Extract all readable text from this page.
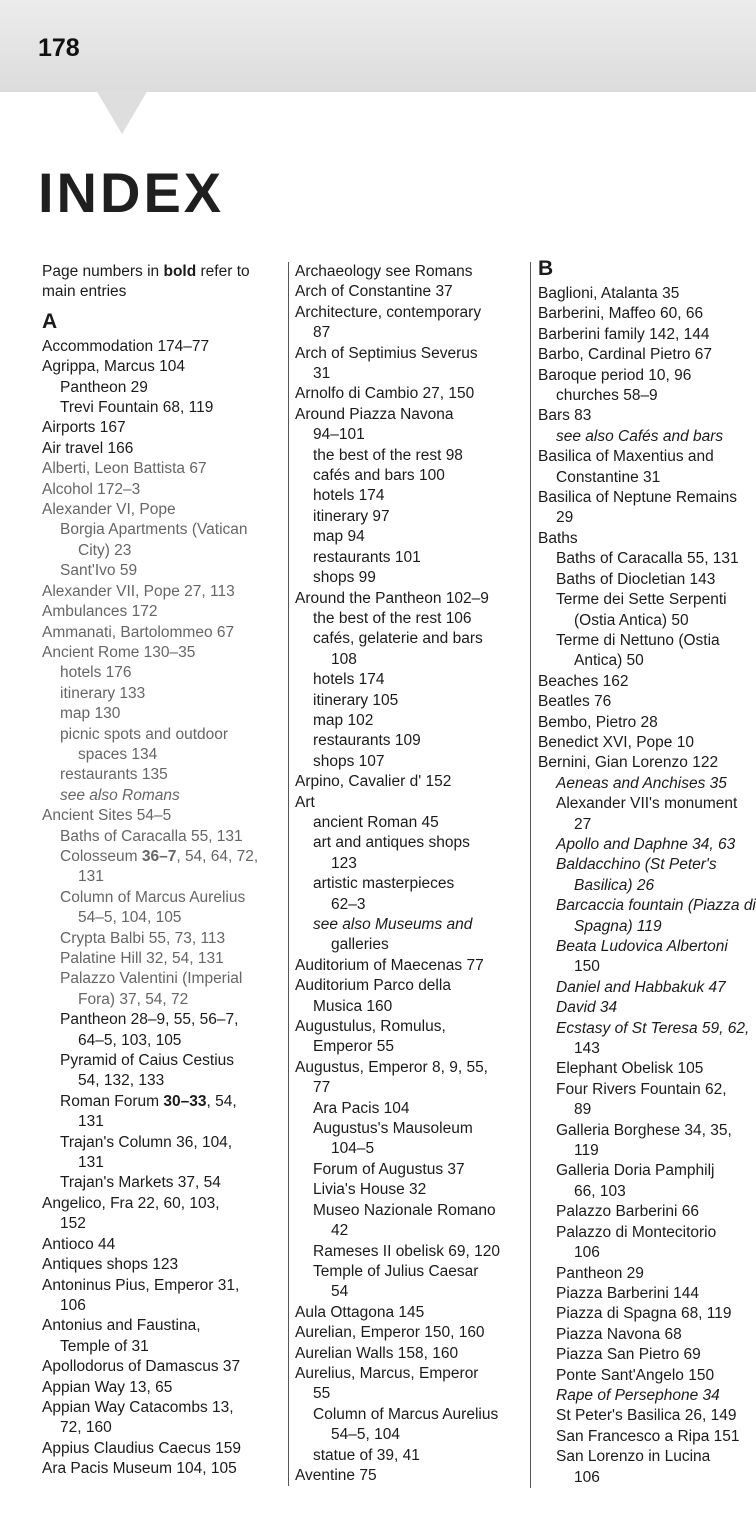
178
INDEX
Page numbers in bold refer to main entries
A
Accommodation 174–77
Agrippa, Marcus 104
Pantheon 29
Trevi Fountain 68, 119
Airports 167
Air travel 166
Alberti, Leon Battista 67
Alcohol 172–3
Alexander VI, Pope
Borgia Apartments (Vatican
City) 23
Sant'Ivo 59
Alexander VII, Pope 27, 113
Ambulances 172
Ammanati, Bartolommeo 67
Ancient Rome 130–35
hotels 176
itinerary 133
map 130
picnic spots and outdoor
spaces 134
restaurants 135
see also Romans
Ancient Sites 54–5
Baths of Caracalla 55, 131
Colosseum 36–7, 54, 64, 72,
131
Column of Marcus Aurelius
54–5, 104, 105
Crypta Balbi 55, 73, 113
Palatine Hill 32, 54, 131
Palazzo Valentini (Imperial
Fora) 37, 54, 72
Pantheon 28–9, 55, 56–7,
64–5, 103, 105
Pyramid of Caius Cestius
54, 132, 133
Roman Forum 30–33, 54,
131
Trajan's Column 36, 104,
131
Trajan's Markets 37, 54
Angelico, Fra 22, 60, 103,
152
Antioco 44
Antiques shops 123
Antoninus Pius, Emperor 31,
106
Antonius and Faustina,
Temple of 31
Apollodorus of Damascus 37
Appian Way 13, 65
Appian Way Catacombs 13,
72, 160
Appius Claudius Caecus 159
Ara Pacis Museum 104, 105
Archaeology see Romans
Arch of Constantine 37
Architecture, contemporary
87
Arch of Septimius Severus
31
Arnolfo di Cambio 27, 150
Around Piazza Navona
94–101
the best of the rest 98
cafés and bars 100
hotels 174
itinerary 97
map 94
restaurants 101
shops 99
Around the Pantheon 102–9
the best of the rest 106
cafés, gelaterie and bars
108
hotels 174
itinerary 105
map 102
restaurants 109
shops 107
Arpino, Cavalier d' 152
Art
ancient Roman 45
art and antiques shops
123
artistic masterpieces
62–3
see also Museums and
galleries
Auditorium of Maecenas 77
Auditorium Parco della
Musica 160
Augustulus, Romulus,
Emperor 55
Augustus, Emperor 8, 9, 55,
77
Ara Pacis 104
Augustus's Mausoleum
104–5
Forum of Augustus 37
Livia's House 32
Museo Nazionale Romano
42
Rameses II obelisk 69, 120
Temple of Julius Caesar
54
Aula Ottagona 145
Aurelian, Emperor 150, 160
Aurelian Walls 158, 160
Aurelius, Marcus, Emperor
55
Column of Marcus Aurelius
54–5, 104
statue of 39, 41
Aventine 75
B
Baglioni, Atalanta 35
Barberini, Maffeo 60, 66
Barberini family 142, 144
Barbo, Cardinal Pietro 67
Baroque period 10, 96
churches 58–9
Bars 83
see also Cafés and bars
Basilica of Maxentius and
Constantine 31
Basilica of Neptune Remains
29
Baths
Baths of Caracalla 55, 131
Baths of Diocletian 143
Terme dei Sette Serpenti
(Ostia Antica) 50
Terme di Nettuno (Ostia
Antica) 50
Beaches 162
Beatles 76
Bembo, Pietro 28
Benedict XVI, Pope 10
Bernini, Gian Lorenzo 122
Aeneas and Anchises 35
Alexander VII's monument
27
Apollo and Daphne 34, 63
Baldacchino (St Peter's
Basilica) 26
Barcaccia fountain (Piazza di
Spagna) 119
Beata Ludovica Albertoni
150
Daniel and Habbakuk 47
David 34
Ecstasy of St Teresa 59, 62,
143
Elephant Obelisk 105
Four Rivers Fountain 62,
89
Galleria Borghese 34, 35,
119
Galleria Doria Pamphilj
66, 103
Palazzo Barberini 66
Palazzo di Montecitorio
106
Pantheon 29
Piazza Barberini 144
Piazza di Spagna 68, 119
Piazza Navona 68
Piazza San Pietro 69
Ponte Sant'Angelo 150
Rape of Persephone 34
St Peter's Basilica 26, 149
San Francesco a Ripa 151
San Lorenzo in Lucina
106
